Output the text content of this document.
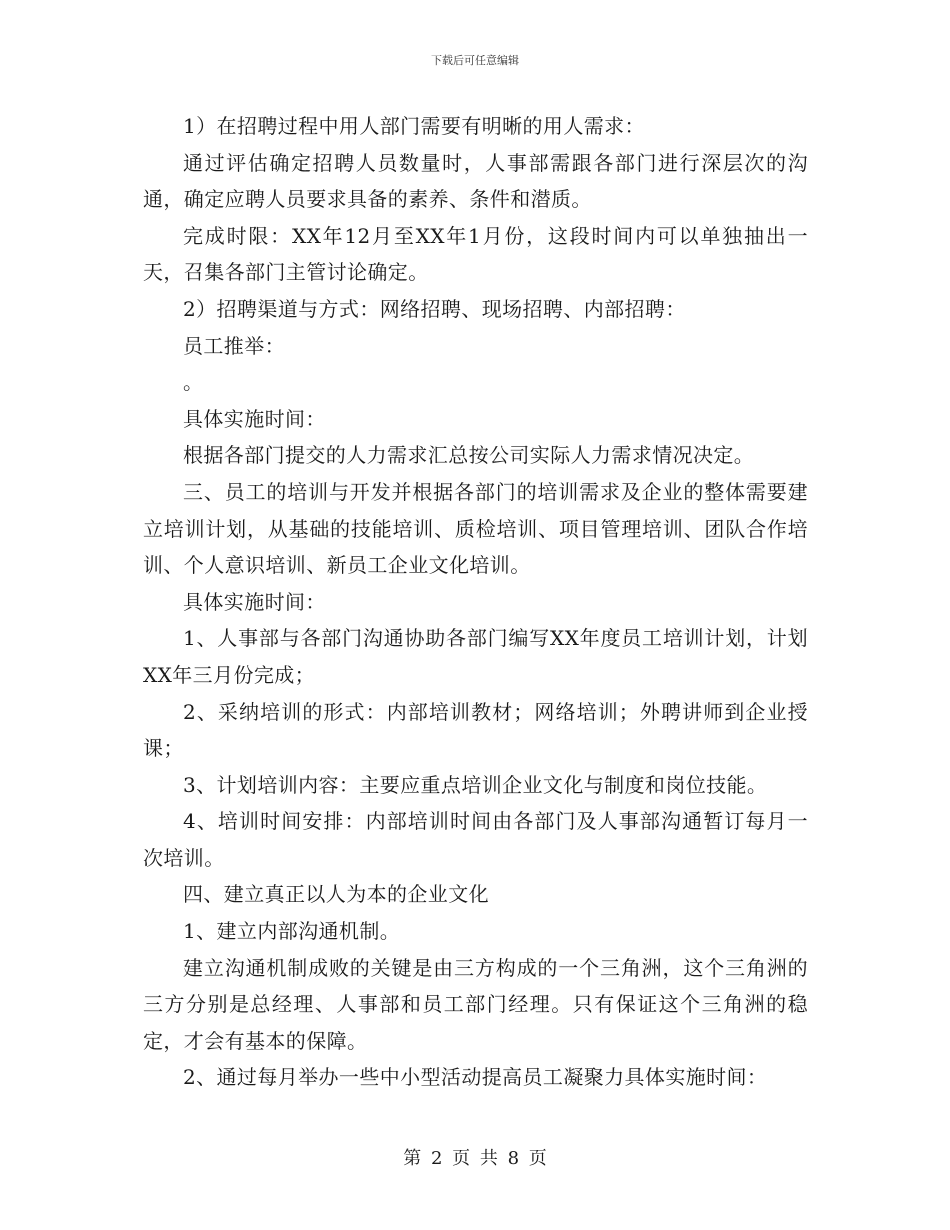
下载后可任意编辑

1）在招聘过程中用人部门需要有明晰的用人需求：

通过评估确定招聘人员数量时，人事部需跟各部门进行深层次的沟通，确定应聘人员要求具备的素养、条件和潜质。

完成时限：XX年12月至XX年1月份，这段时间内可以单独抽出一天，召集各部门主管讨论确定。

2）招聘渠道与方式：网络招聘、现场招聘、内部招聘：

员工推举：

。

具体实施时间：

根据各部门提交的人力需求汇总按公司实际人力需求情况决定。

三、员工的培训与开发并根据各部门的培训需求及企业的整体需要建立培训计划，从基础的技能培训、质检培训、项目管理培训、团队合作培训、个人意识培训、新员工企业文化培训。

具体实施时间：

1、人事部与各部门沟通协助各部门编写XX年度员工培训计划，计划XX年三月份完成；

2、采纳培训的形式：内部培训教材；网络培训；外聘讲师到企业授课；

3、计划培训内容：主要应重点培训企业文化与制度和岗位技能。

4、培训时间安排：内部培训时间由各部门及人事部沟通暂订每月一次培训。

四、建立真正以人为本的企业文化

1、建立内部沟通机制。

建立沟通机制成败的关键是由三方构成的一个三角洲，这个三角洲的三方分别是总经理、人事部和员工部门经理。只有保证这个三角洲的稳定，才会有基本的保障。

2、通过每月举办一些中小型活动提高员工凝聚力具体实施时间：

第 2 页 共 8 页
